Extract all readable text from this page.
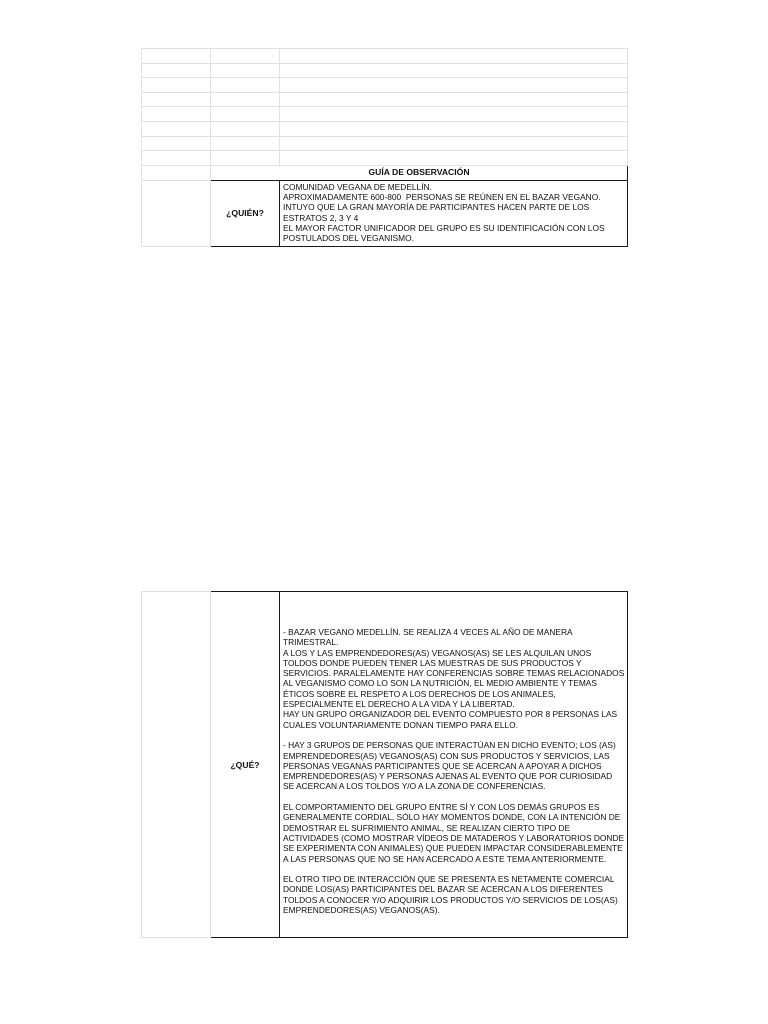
	GUÍA DE OBSERVACIÓN	
	¿QUIÉN?	COMUNIDAD VEGANA DE MEDELLÍN.
APROXIMADAMENTE 600-800  PERSONAS SE REÚNEN EN EL BAZAR VEGANO. INTUYO QUE LA GRAN MAYORÍA DE PARTICIPANTES HACEN PARTE DE LOS ESTRATOS 2, 3 Y 4
EL MAYOR FACTOR UNIFICADOR DEL GRUPO ES SU IDENTIFICACIÓN CON LOS POSTULADOS DEL VEGANISMO.
	¿QUÉ?	- BAZAR VEGANO MEDELLÍN. SE REALIZA 4 VECES AL AÑO DE MANERA TRIMESTRAL.
A LOS Y LAS EMPRENDEDORES(AS) VEGANOS(AS) SE LES ALQUILAN UNOS TOLDOS DONDE PUEDEN TENER LAS MUESTRAS DE SUS PRODUCTOS Y SERVICIOS. PARALELAMENTE HAY CONFERENCIAS SOBRE TEMAS RELACIONADOS AL VEGANISMO COMO LO SON LA NUTRICIÓN, EL MEDIO AMBIENTE Y TEMAS ÉTICOS SOBRE EL RESPETO A LOS DERECHOS DE LOS ANIMALES, ESPECIALMENTE EL DERECHO A LA VIDA Y LA LIBERTAD.
HAY UN GRUPO ORGANIZADOR DEL EVENTO COMPUESTO POR 8 PERSONAS LAS CUALES VOLUNTARIAMENTE DONAN TIEMPO PARA ELLO.

- HAY 3 GRUPOS DE PERSONAS QUE INTERACTÚAN EN DICHO EVENTO; LOS (AS) EMPRENDEDORES(AS) VEGANOS(AS) CON SUS PRODUCTOS Y SERVICIOS, LAS PERSONAS VEGANAS PARTICIPANTES QUE SE ACERCAN A APOYAR A DICHOS EMPRENDEDORES(AS) Y PERSONAS AJENAS AL EVENTO QUE POR CURIOSIDAD SE ACERCAN A LOS TOLDOS Y/O A LA ZONA DE CONFERENCIAS.

EL COMPORTAMIENTO DEL GRUPO ENTRE SÍ Y CON LOS DEMÁS GRUPOS ES GENERALMENTE CORDIAL, SÓLO HAY MOMENTOS DONDE, CON LA INTENCIÓN DE DEMOSTRAR EL SUFRIMIENTO ANIMAL, SE REALIZAN CIERTO TIPO DE ACTIVIDADES (COMO MOSTRAR VÍDEOS DE MATADEROS Y LABORATORIOS DONDE SE EXPERIMENTA CON ANIMALES) QUE PUEDEN IMPACTAR CONSIDERABLEMENTE A LAS PERSONAS QUE NO SE HAN ACERCADO A ESTE TEMA ANTERIORMENTE.

EL OTRO TIPO DE INTERACCIÓN QUE SE PRESENTA ES NETAMENTE COMERCIAL DONDE LOS(AS) PARTICIPANTES DEL BAZAR SE ACERCAN A LOS DIFERENTES TOLDOS A CONOCER Y/O ADQUIRIR LOS PRODUCTOS Y/O SERVICIOS DE LOS(AS) EMPRENDEDORES(AS) VEGANOS(AS).
